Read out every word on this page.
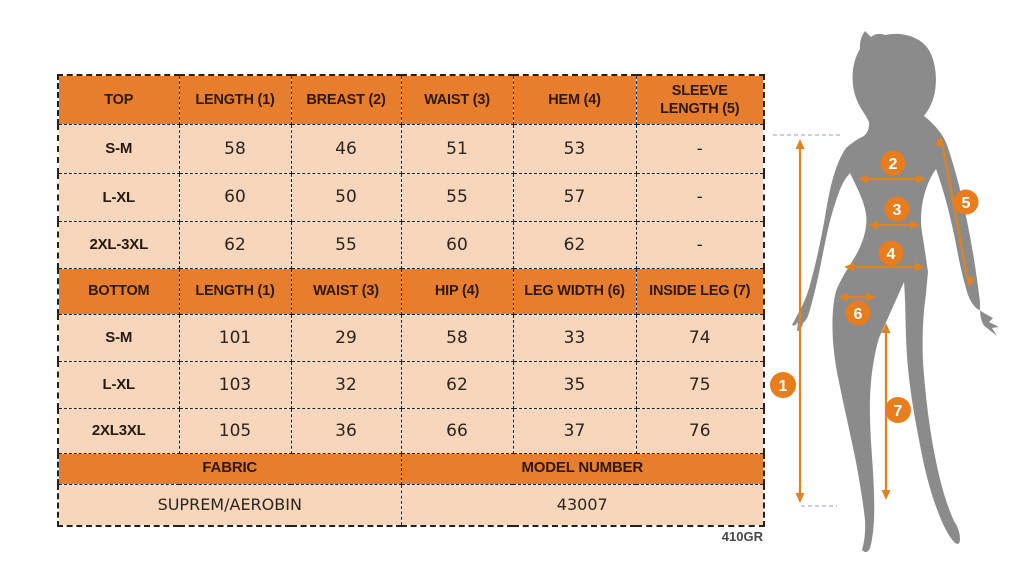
TOP	LENGTH (1)	BREAST (2)	WAIST (3)	HEM (4)	SLEEVE LENGTH (5)
S-M	58	46	51	53	-
L-XL	60	50	55	57	-
2XL-3XL	62	55	60	62	-
BOTTOM	LENGTH (1)	WAIST (3)	HIP (4)	LEG WIDTH (6)	INSIDE LEG (7)
S-M	101	29	58	33	74
L-XL	103	32	62	35	75
2XL3XL	105	36	66	37	76
FABRIC			MODEL NUMBER		
SUPREM/AEROBIN			43007		
410GR
1
2
3
4
5
6
7
